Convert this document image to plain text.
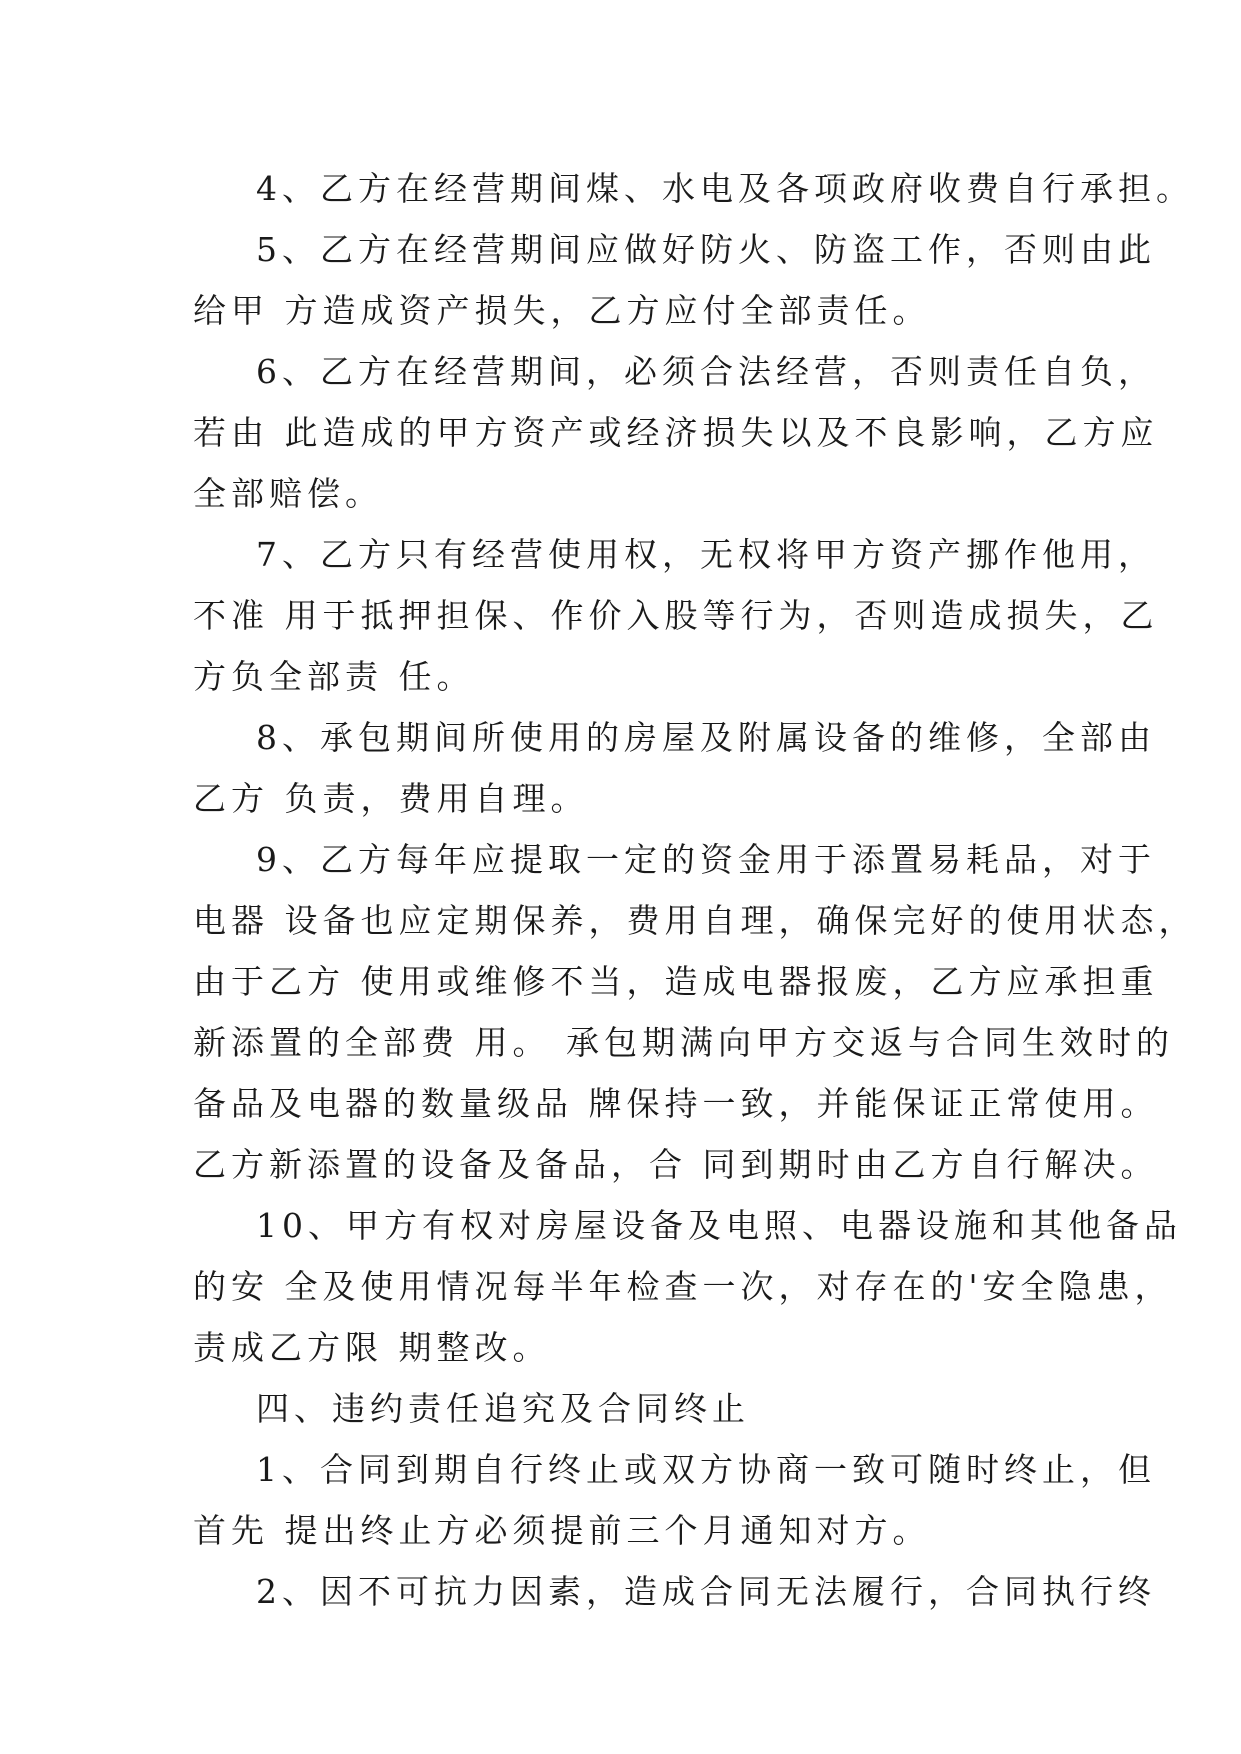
4、乙方在经营期间煤、水电及各项政府收费自行承担。
5、乙方在经营期间应做好防火、防盗工作，否则由此
给甲 方造成资产损失，乙方应付全部责任。
6、乙方在经营期间，必须合法经营，否则责任自负，
若由 此造成的甲方资产或经济损失以及不良影响，乙方应
全部赔偿。
7、乙方只有经营使用权，无权将甲方资产挪作他用，
不准 用于抵押担保、作价入股等行为，否则造成损失，乙
方负全部责 任。
8、承包期间所使用的房屋及附属设备的维修，全部由
乙方 负责，费用自理。
9、乙方每年应提取一定的资金用于添置易耗品，对于
电器 设备也应定期保养，费用自理，确保完好的使用状态，
由于乙方 使用或维修不当，造成电器报废，乙方应承担重
新添置的全部费 用。 承包期满向甲方交返与合同生效时的
备品及电器的数量级品 牌保持一致，并能保证正常使用。
乙方新添置的设备及备品，合 同到期时由乙方自行解决。
10、甲方有权对房屋设备及电照、电器设施和其他备品
的安 全及使用情况每半年检查一次，对存在的'安全隐患，
责成乙方限 期整改。
四、违约责任追究及合同终止
1、合同到期自行终止或双方协商一致可随时终止，但
首先 提出终止方必须提前三个月通知对方。
2、因不可抗力因素，造成合同无法履行，合同执行终
